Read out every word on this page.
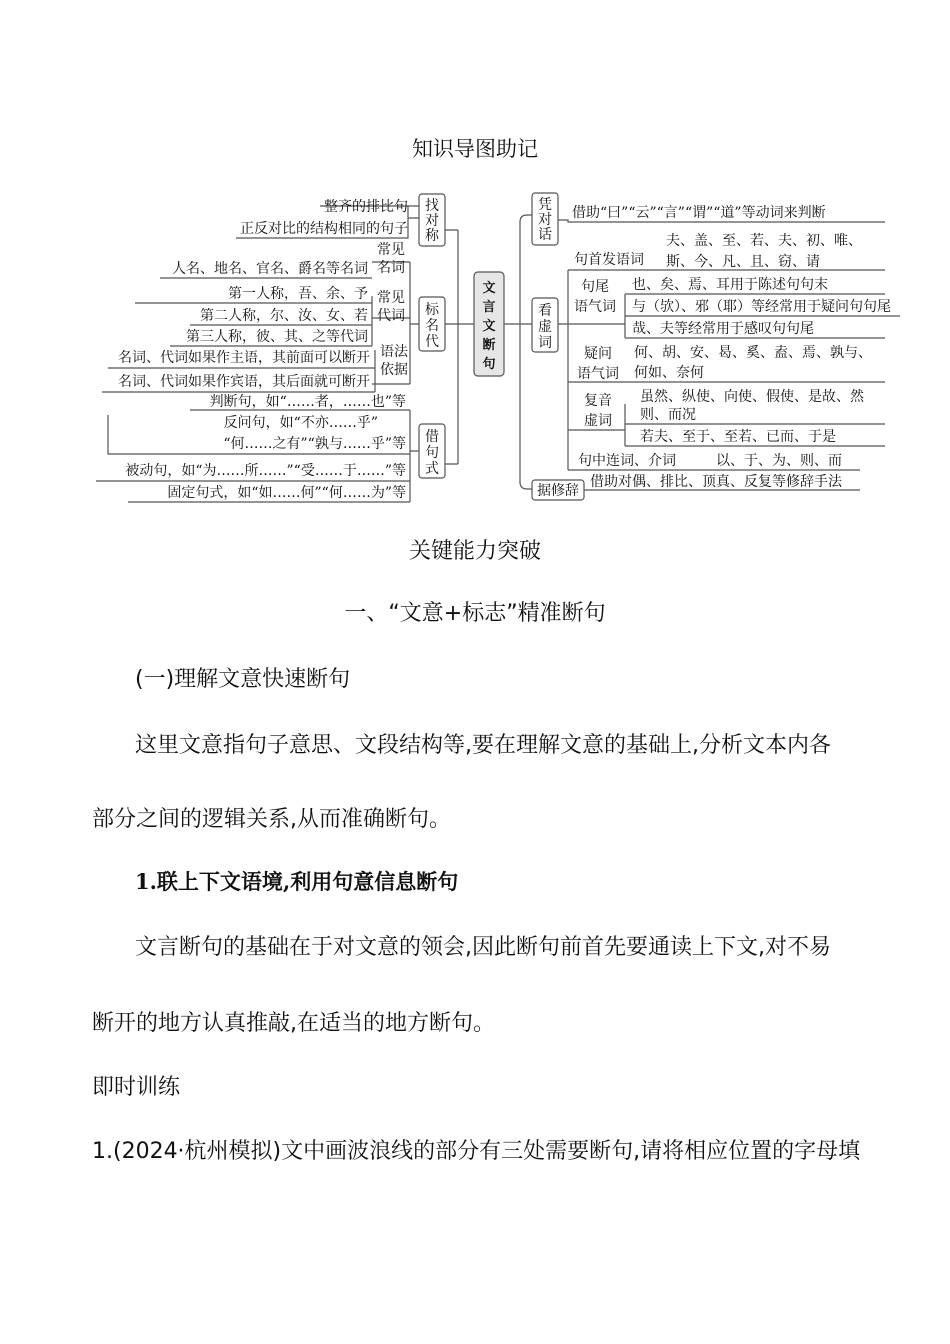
知识导图助记
文
言
文
断
句
找
对
称
标
名
代
借
句
式
整齐的排比句
正反对比的结构相同的句子
常见
名词
人名、地名、官名、爵名等名词
常见
代词
第一人称，吾、余、予
第二人称，尔、汝、女、若
第三人称，彼、其、之等代词
语法
依据
名词、代词如果作主语，其前面可以断开
名词、代词如果作宾语，其后面就可断开
判断句，如“……者，……也”等
反问句，如“不亦……乎”
“何……之有”“孰与……乎”等
被动句，如“为……所……”“受……于……”等
固定句式，如“如……何”“何……为”等
凭
对
话
看
虚
词
据修辞
借助“曰”“云”“言”“谓”“道”等动词来判断
句首发语词
夫、盖、至、若、夫、初、唯、
斯、今、凡、且、窃、请
句尾
语气词
也、矣、焉、耳用于陈述句句末
与（欤）、邪（耶）等经常用于疑问句句尾
哉、夫等经常用于感叹句句尾
疑问
语气词
何、胡、安、曷、奚、盍、焉、孰与、
何如、奈何
复音
虚词
虽然、纵使、向使、假使、是故、然
则、而况
若夫、至于、至若、已而、于是
句中连词、介词	以、于、为、则、而
借助对偶、排比、顶真、反复等修辞手法
关键能力突破
一、“文意+标志”精准断句
(一)理解文意快速断句
这里文意指句子意思、文段结构等,要在理解文意的基础上,分析文本内各
部分之间的逻辑关系,从而准确断句。
1.联上下文语境,利用句意信息断句
文言断句的基础在于对文意的领会,因此断句前首先要通读上下文,对不易
断开的地方认真推敲,在适当的地方断句。
即时训练
1.(2024·杭州模拟)文中画波浪线的部分有三处需要断句,请将相应位置的字母填
